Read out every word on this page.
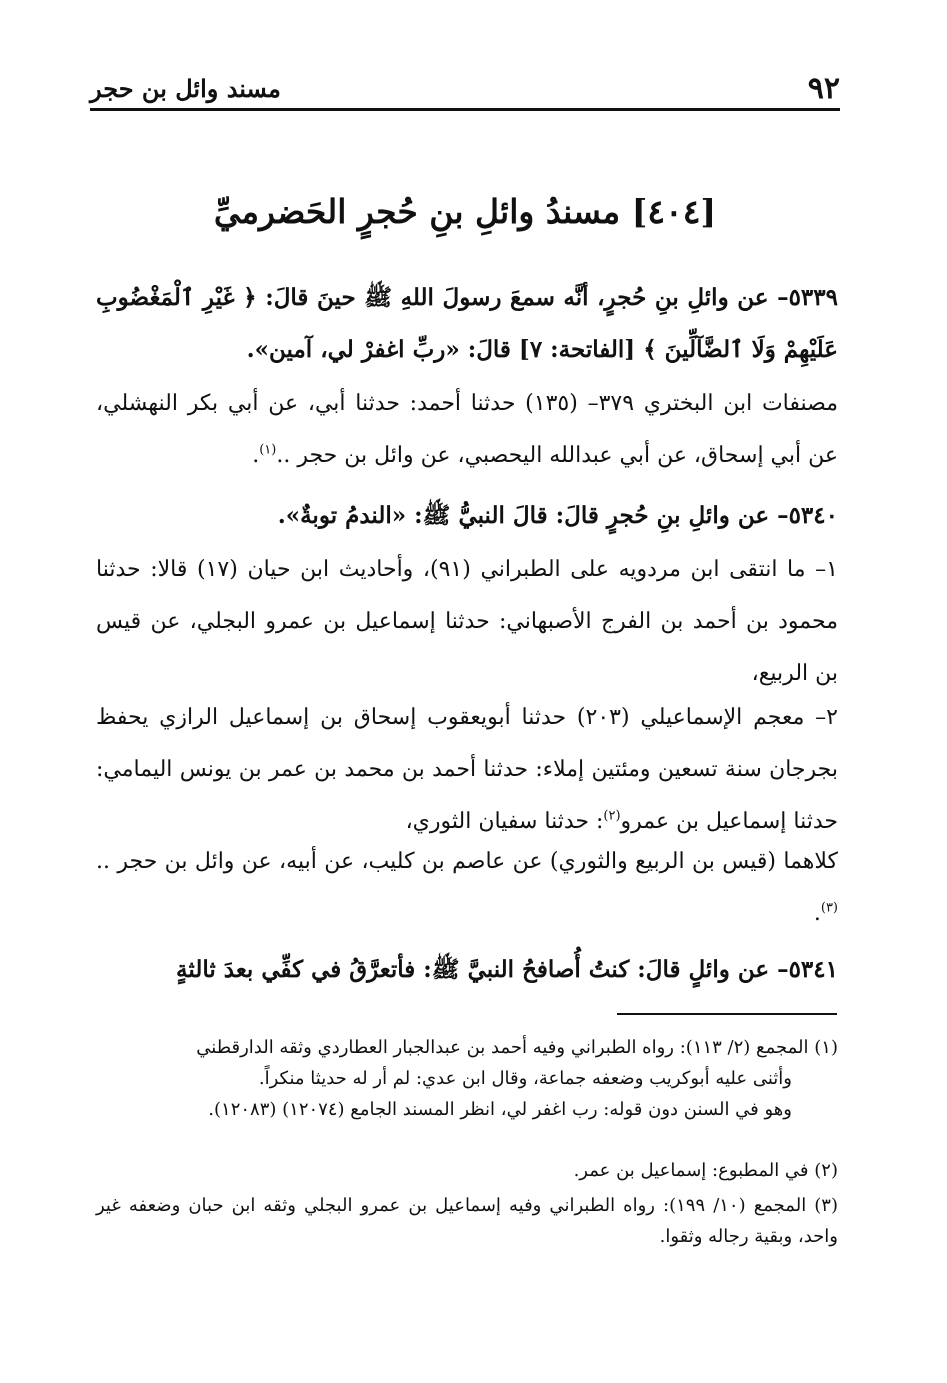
٩٢
مسند وائل بن حجر
[٤٠٤] مسندُ وائلِ بنِ حُجرٍ الحَضرميِّ
٥٣٣٩– عن وائلِ بنِ حُجرٍ، أنَّه سمعَ رسولَ اللهِ ﷺ حينَ قالَ: ﴿ غَيْرِ ٱلْمَغْضُوبِ عَلَيْهِمْ وَلَا ٱلضَّآلِّينَ ﴾ [الفاتحة: ٧] قالَ: «ربِّ اغفرْ لي، آمين».
مصنفات ابن البختري ٣٧٩– (١٣٥) حدثنا أحمد: حدثنا أبي، عن أبي بكر النهشلي، عن أبي إسحاق، عن أبي عبدالله اليحصبي، عن وائل بن حجر ..$^{(١)}$.
٥٣٤٠– عن وائلِ بنِ حُجرٍ قالَ: قالَ النبيُّ ﷺ: «الندمُ توبةٌ».
١– ما انتقى ابن مردويه على الطبراني (٩١)، وأحاديث ابن حيان (١٧) قالا: حدثنا محمود بن أحمد بن الفرج الأصبهاني: حدثنا إسماعيل بن عمرو البجلي، عن قيس بن الربيع،
٢– معجم الإسماعيلي (٢٠٣) حدثنا أبويعقوب إسحاق بن إسماعيل الرازي يحفظ بجرجان سنة تسعين ومئتين إملاء: حدثنا أحمد بن محمد بن عمر بن يونس اليمامي: حدثنا إسماعيل بن عمرو$^{(٢)}$: حدثنا سفيان الثوري،
كلاهما (قيس بن الربيع والثوري) عن عاصم بن كليب، عن أبيه، عن وائل بن حجر ..$^{(٣)}$.
٥٣٤١– عن وائلٍ قالَ: كنتُ أُصافحُ النبيَّ ﷺ: فأتعرَّقُ في كفِّي بعدَ ثالثةٍ
(١) المجمع (٢/ ١١٣): رواه الطبراني وفيه أحمد بن عبدالجبار العطاردي وثقه الدارقطني
وأثنى عليه أبوكريب وضعفه جماعة، وقال ابن عدي: لم أر له حديثا منكراً.
وهو في السنن دون قوله: رب اغفر لي، انظر المسند الجامع (١٢٠٧٤) (١٢٠٨٣).
(٢) في المطبوع: إسماعيل بن عمر.
(٣) المجمع (١٠/ ١٩٩): رواه الطبراني وفيه إسماعيل بن عمرو البجلي وثقه ابن حبان وضعفه غير واحد، وبقية رجاله وثقوا.
